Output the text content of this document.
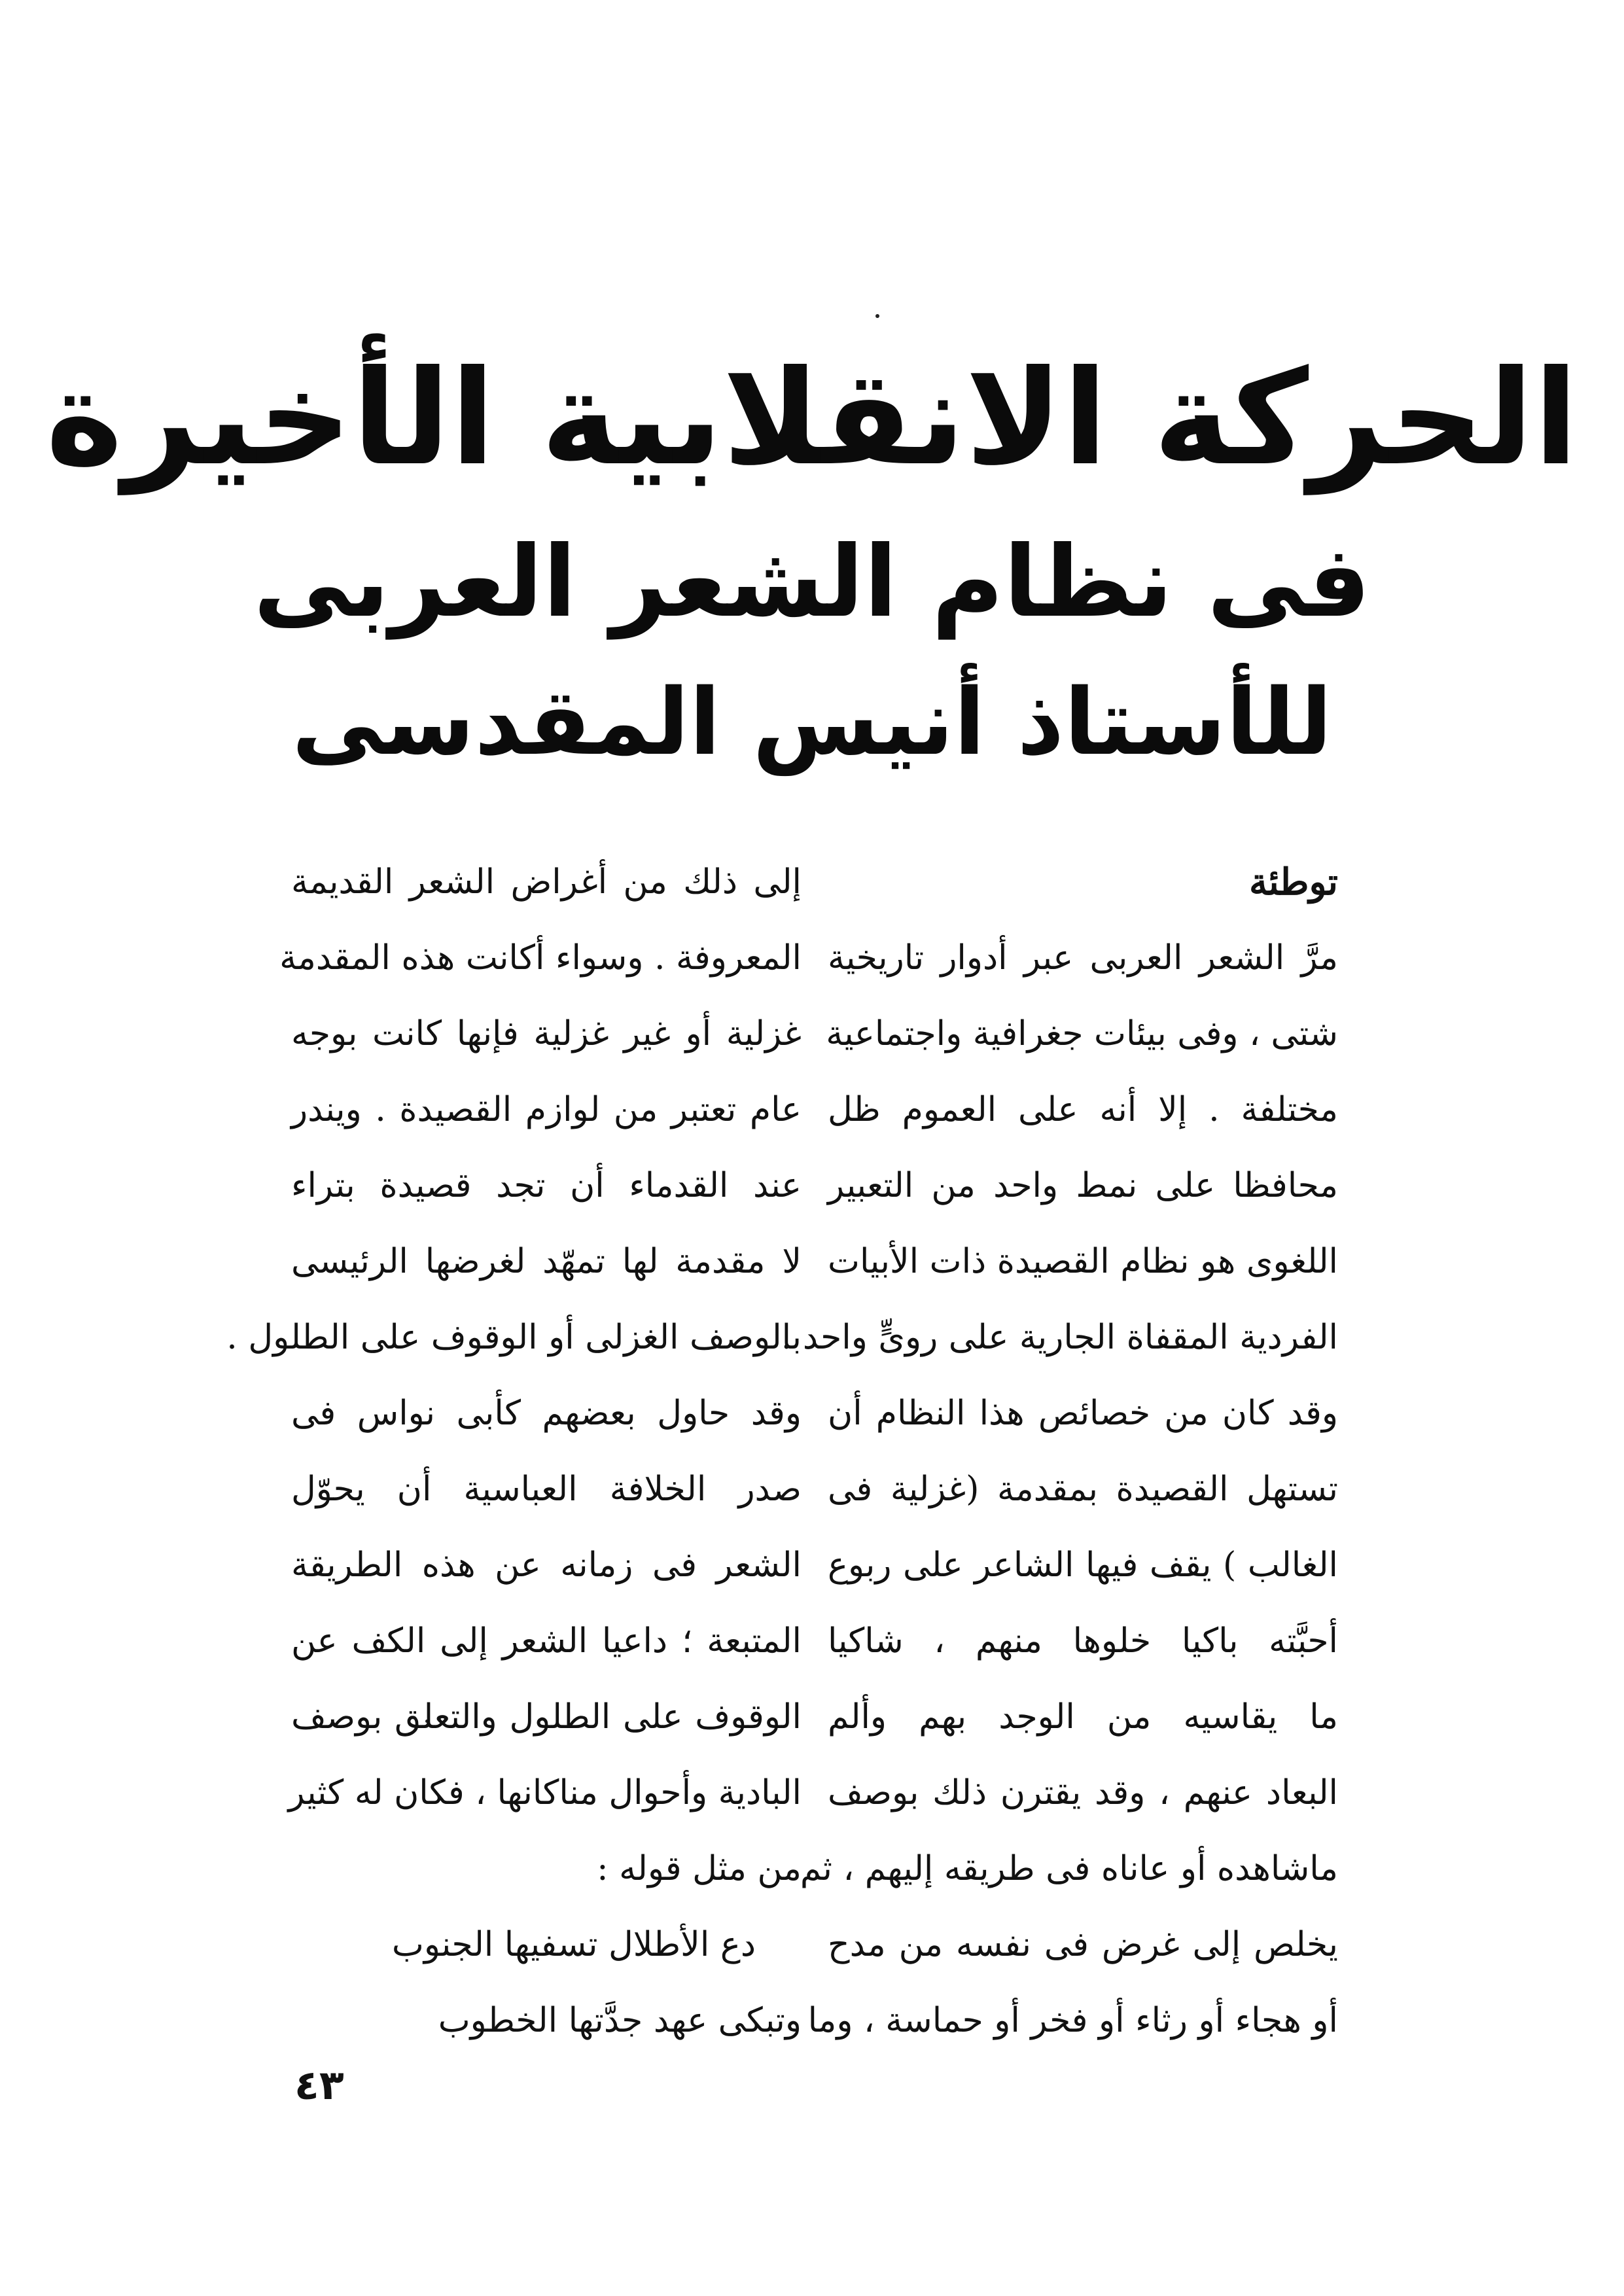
الحركة الانقلابية الأخيرة
فى نظام الشعر العربى
للأستاذ أنيس المقدسى
توطئة
مرَّ الشعر العربى عبر أدوار تاريخية
شتى ، وفى بيئات جغرافية واجتماعية
مختلفة . إلا أنه على العموم ظل
محافظا على نمط واحد من التعبير
اللغوى هو نظام القصيدة ذات الأبيات
الفردية المقفاة الجارية على روىٍّ واحد .
وقد كان من خصائص هذا النظام أن
تستهل القصيدة بمقدمة (غزلية فى
الغالب ) يقف فيها الشاعر على ربوع
أحبَّته باكيا خلوها منهم ، شاكيا
ما يقاسيه من الوجد بهم وألم
البعاد عنهم ، وقد يقترن ذلك بوصف
ماشاهده أو عاناه فى طريقه إليهم ، ثم
يخلص إلى غرض فى نفسه من مدح
أو هجاء أو رثاء أو فخر أو حماسة ، وما
إلى ذلك من أغراض الشعر القديمة
المعروفة . وسواء أكانت هذه المقدمة
غزلية أو غير غزلية فإنها كانت بوجه
عام تعتبر من لوازم القصيدة . ويندر
عند القدماء أن تجد قصيدة بتراء
لا مقدمة لها تمهّد لغرضها الرئيسى
بالوصف الغزلى أو الوقوف على الطلول .
وقد حاول بعضهم كأبى نواس فى
صدر الخلافة العباسية أن يحوّل
الشعر فى زمانه عن هذه الطريقة
المتبعة ؛ داعيا الشعر إلى الكف عن
الوقوف على الطلول والتعلق بوصف
البادية وأحوال مناكانها ، فكان له كثير
من مثل قوله :
دع الأطلال تسفيها الجنوب
وتبكى عهد جدَّتها الخطوب
٤٣
